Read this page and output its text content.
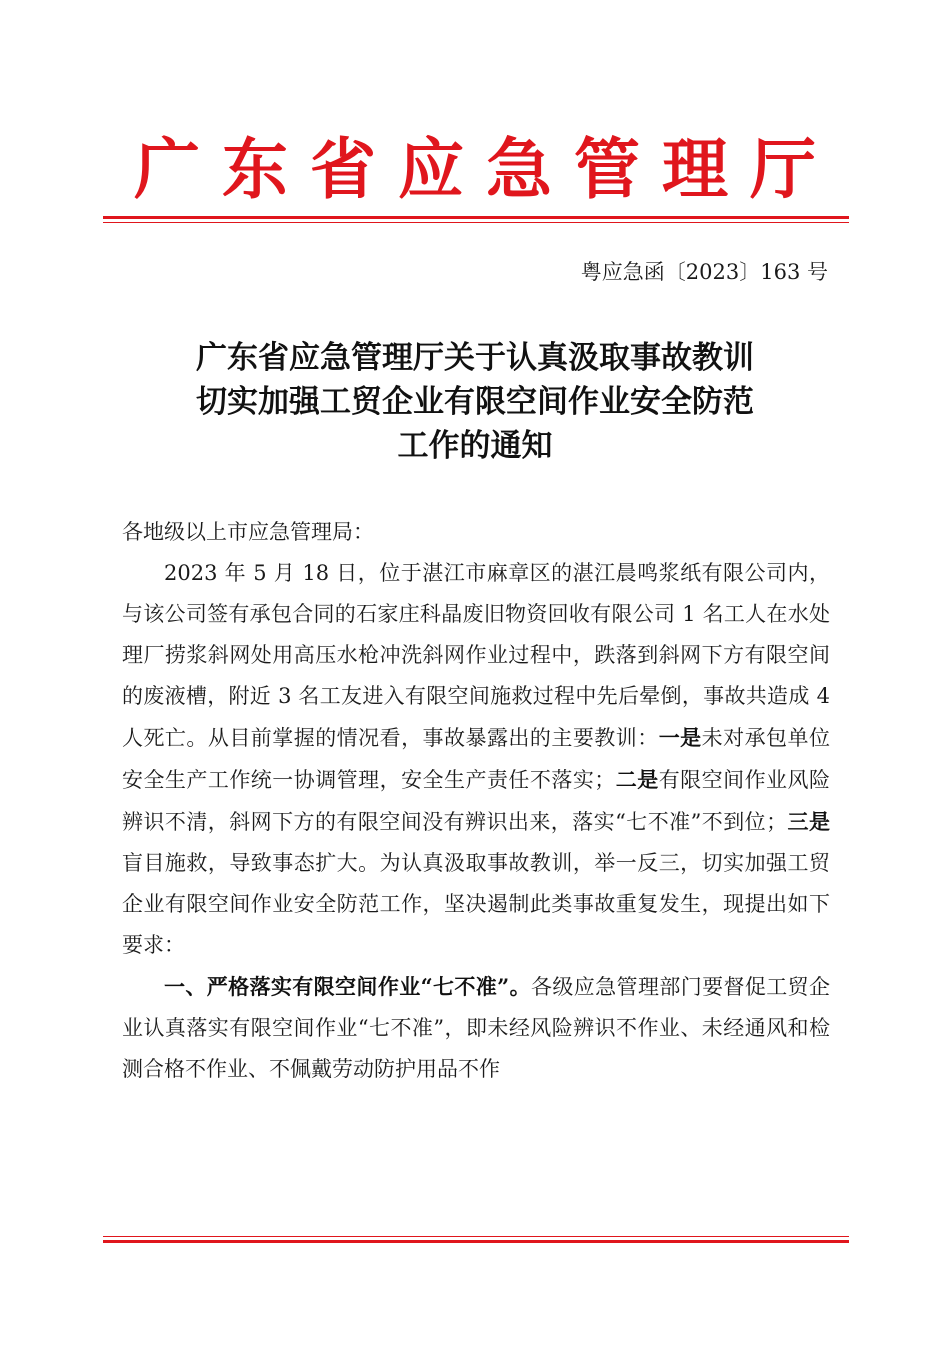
广东省应急管理厅
粤应急函〔2023〕163 号
广东省应急管理厅关于认真汲取事故教训
切实加强工贸企业有限空间作业安全防范
工作的通知

各地级以上市应急管理局：

2023 年 5 月 18 日，位于湛江市麻章区的湛江晨鸣浆纸有限公司内，与该公司签有承包合同的石家庄科晶废旧物资回收有限公司 1 名工人在水处理厂捞浆斜网处用高压水枪冲洗斜网作业过程中，跌落到斜网下方有限空间的废液槽，附近 3 名工友进入有限空间施救过程中先后晕倒，事故共造成 4 人死亡。从目前掌握的情况看，事故暴露出的主要教训：一是未对承包单位安全生产工作统一协调管理，安全生产责任不落实；二是有限空间作业风险辨识不清，斜网下方的有限空间没有辨识出来，落实“七不准”不到位；三是盲目施救，导致事态扩大。为认真汲取事故教训，举一反三，切实加强工贸企业有限空间作业安全防范工作，坚决遏制此类事故重复发生，现提出如下要求：

一、严格落实有限空间作业“七不准”。各级应急管理部门要督促工贸企业认真落实有限空间作业“七不准”，即未经风险辨识不作业、未经通风和检测合格不作业、不佩戴劳动防护用品不作
